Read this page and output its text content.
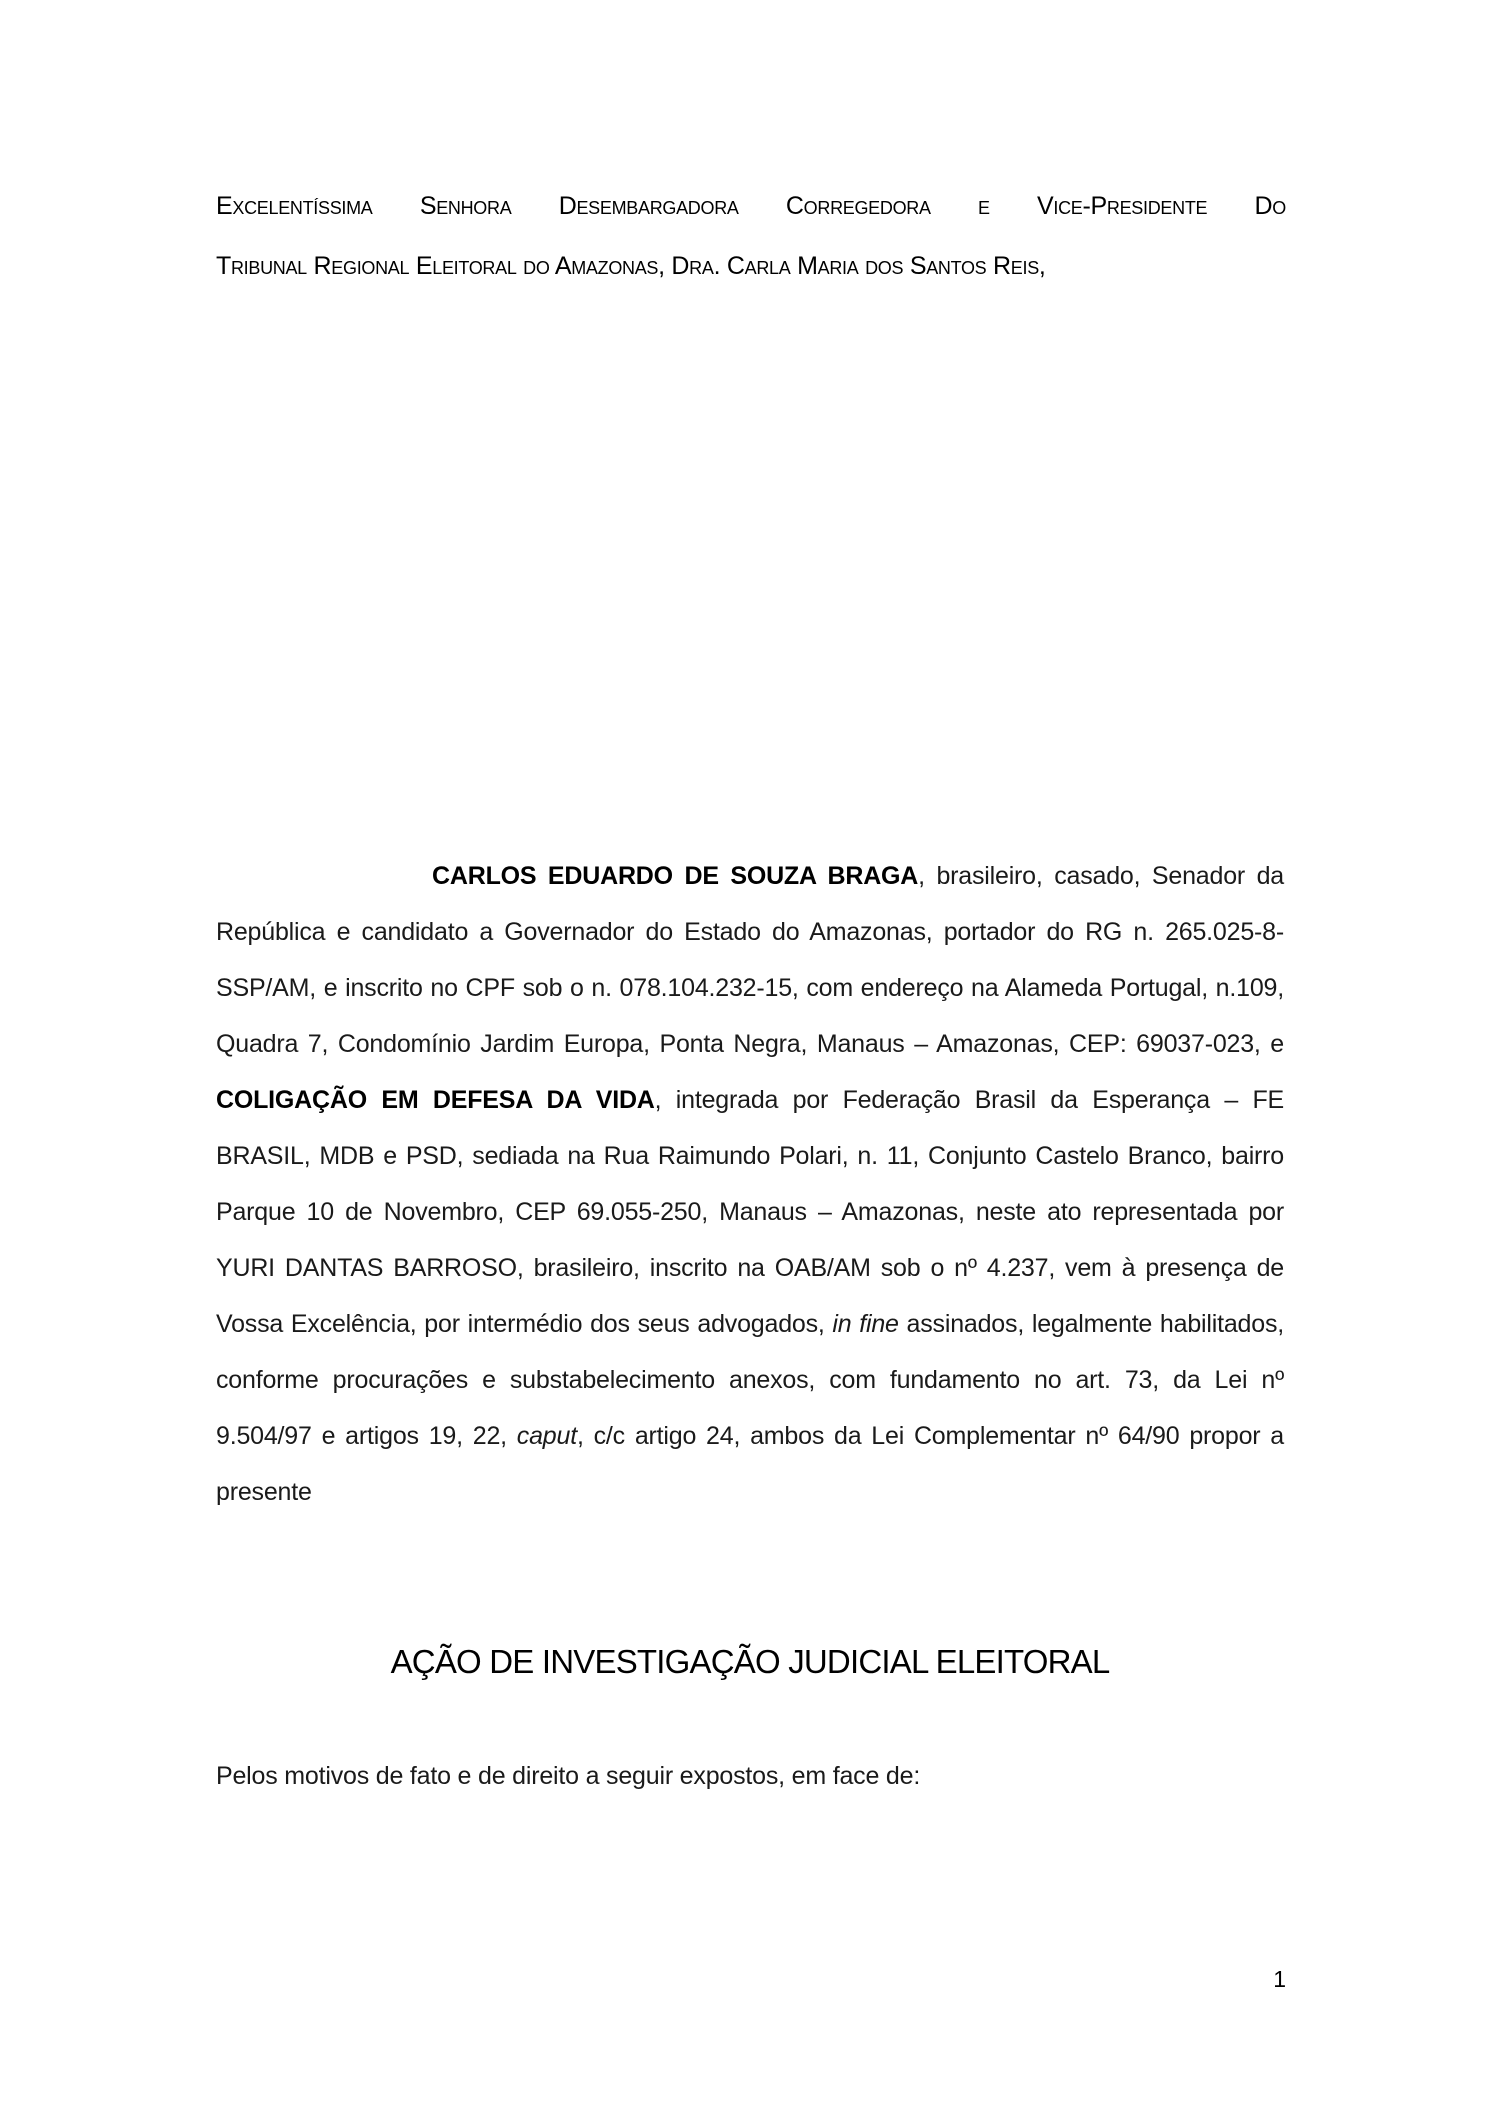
Excelentíssima Senhora Desembargadora Corregedora e Vice-Presidente Do
Tribunal Regional Eleitoral do Amazonas, Dra. Carla Maria dos Santos Reis,

CARLOS EDUARDO DE SOUZA BRAGA, brasileiro, casado, Senador da República e candidato a Governador do Estado do Amazonas, portador do RG n. 265.025-8-SSP/AM, e inscrito no CPF sob o n. 078.104.232-15, com endereço na Alameda Portugal, n.109, Quadra 7, Condomínio Jardim Europa, Ponta Negra, Manaus – Amazonas, CEP: 69037-023, e COLIGAÇÃO EM DEFESA DA VIDA, integrada por Federação Brasil da Esperança – FE BRASIL, MDB e PSD, sediada na Rua Raimundo Polari, n. 11, Conjunto Castelo Branco, bairro Parque 10 de Novembro, CEP 69.055-250, Manaus – Amazonas, neste ato representada por YURI DANTAS BARROSO, brasileiro, inscrito na OAB/AM sob o nº 4.237, vem à presença de Vossa Excelência, por intermédio dos seus advogados, in fine assinados, legalmente habilitados, conforme procurações e substabelecimento anexos, com fundamento no art. 73, da Lei nº 9.504/97 e artigos 19, 22, caput, c/c artigo 24, ambos da Lei Complementar nº 64/90 propor a presente

AÇÃO DE INVESTIGAÇÃO JUDICIAL ELEITORAL

Pelos motivos de fato e de direito a seguir expostos, em face de:

1
